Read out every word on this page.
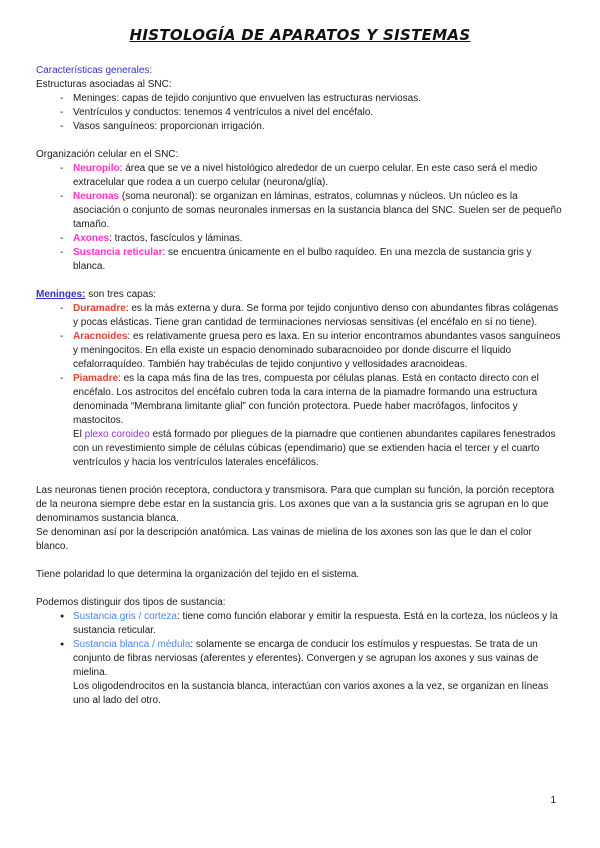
HISTOLOGÍA DE APARATOS Y SISTEMAS

Características generales:

Estructuras asociadas al SNC:

- Meninges: capas de tejido conjuntivo que envuelven las estructuras nerviosas.
- Ventrículos y conductos: tenemos 4 ventrículos a nivel del encéfalo.
- Vasos sanguíneos: proporcionan irrigación.

Organización celular en el SNC:

- Neuropilo: área que se ve a nivel histológico alrededor de un cuerpo celular. En este caso será el medio extracelular que rodea a un cuerpo celular (neurona/glía).
- Neuronas (soma neuronal): se organizan en láminas, estratos, columnas y núcleos. Un núcleo es la asociación o conjunto de somas neuronales inmersas en la sustancia blanca del SNC. Suelen ser de pequeño tamaño.
- Axones: tractos, fascículos y láminas.
- Sustancia reticular: se encuentra únicamente en el bulbo raquídeo. En una mezcla de sustancia gris y blanca.

Meninges: son tres capas:

- Duramadre: es la más externa y dura. Se forma por tejido conjuntivo denso con abundantes fibras colágenas y pocas elásticas. Tiene gran cantidad de terminaciones nerviosas sensitivas (el encéfalo en sí no tiene).
- Aracnoides: es relativamente gruesa pero es laxa. En su interior encontramos abundantes vasos sanguíneos y meningocitos. En ella existe un espacio denominado subaracnoideo por donde discurre el líquido cefalorraquídeo. También hay trabéculas de tejido conjuntivo y vellosidades aracnoideas.
- Piamadre: es la capa más fina de las tres, compuesta por células planas. Está en contacto directo con el encéfalo. Los astrocitos del encéfalo cubren toda la cara interna de la piamadre formando una estructura denominada “Membrana limitante glial” con función protectora. Puede haber macrófagos, linfocitos y mastocitos.

El plexo coroideo está formado por pliegues de la piamadre que contienen abundantes capilares fenestrados con un revestimiento simple de células cúbicas (ependimario) que se extienden hacia el tercer y el cuarto ventrículos y hacia los ventrículos laterales encefálicos.

Las neuronas tienen proción receptora, conductora y transmisora. Para que cumplan su función, la porción receptora de la neurona siempre debe estar en la sustancia gris. Los axones que van a la sustancia gris se agrupan en lo que denominamos sustancia blanca.

Se denominan así por la descripción anatómica. Las vainas de mielina de los axones son las que le dan el color blanco.

Tiene polaridad lo que determina la organización del tejido en el sistema.

Podemos distinguir dos tipos de sustancia:

● Sustancia gris / corteza: tiene como función elaborar y emitir la respuesta. Está en la corteza, los núcleos y la sustancia reticular.
● Sustancia blanca / médula: solamente se encarga de conducir los estímulos y respuestas. Se trata de un conjunto de fibras nerviosas (aferentes y eferentes). Convergen y se agrupan los axones y sus vainas de mielina.

Los oligodendrocitos en la sustancia blanca, interactúan con varios axones a la vez, se organizan en líneas uno al lado del otro.

1
